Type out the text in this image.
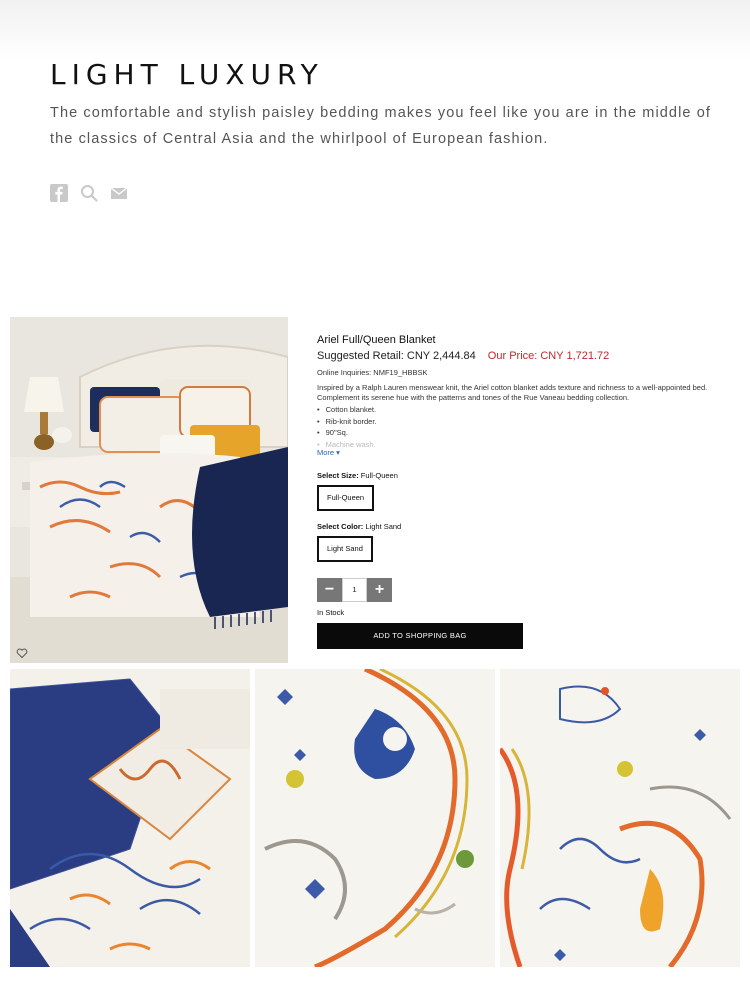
LIGHT LUXURY

The comfortable and stylish paisley bedding makes you feel like you are in the middle of the classics of Central Asia and the whirlpool of European fashion.

Ariel Full/Queen Blanket
Suggested Retail: CNY 2,444.84 Our Price: CNY 1,721.72
Online Inquiries: NMF19_HBBSK
Inspired by a Ralph Lauren menswear knit, the Ariel cotton blanket adds texture and richness to a well-appointed bed. Complement its serene hue with the patterns and tones of the Rue Vaneau bedding collection.
• Cotton blanket.
• Rib-knit border.
• 90"Sq.
• Machine wash.
More ▾
Select Size: Full-Queen
Full-Queen
Select Color: Light Sand
Light Sand
−	1	+
In Stock
ADD TO SHOPPING BAG
